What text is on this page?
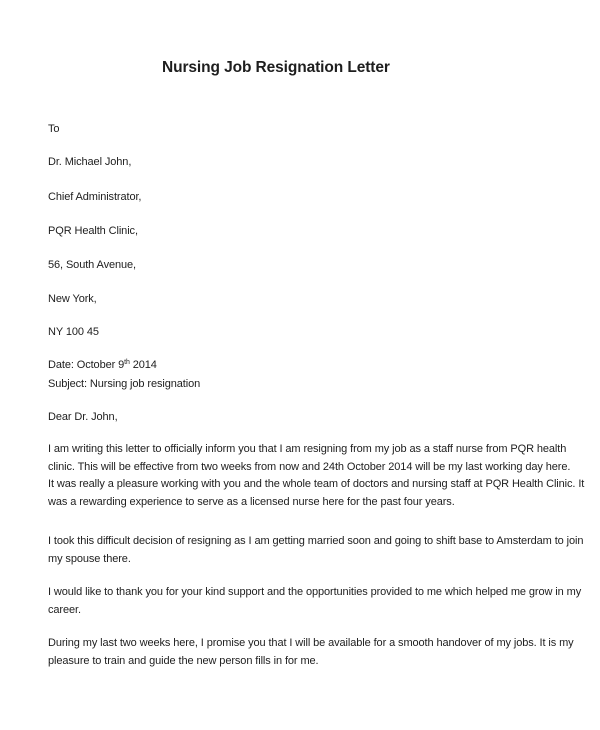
Nursing Job Resignation Letter
To
Dr. Michael John,
Chief Administrator,
PQR Health Clinic,
56, South Avenue,
New York,
NY 100 45
Date: October 9th 2014
Subject: Nursing job resignation
Dear Dr. John,
I am writing this letter to officially inform you that I am resigning from my job as a staff nurse from PQR health
clinic. This will be effective from two weeks from now and 24th October 2014 will be my last working day here.
It was really a pleasure working with you and the whole team of doctors and nursing staff at PQR Health Clinic. It
was a rewarding experience to serve as a licensed nurse here for the past four years.
I took this difficult decision of resigning as I am getting married soon and going to shift base to Amsterdam to join
my spouse there.
I would like to thank you for your kind support and the opportunities provided to me which helped me grow in my
career.
During my last two weeks here, I promise you that I will be available for a smooth handover of my jobs. It is my
pleasure to train and guide the new person fills in for me.
